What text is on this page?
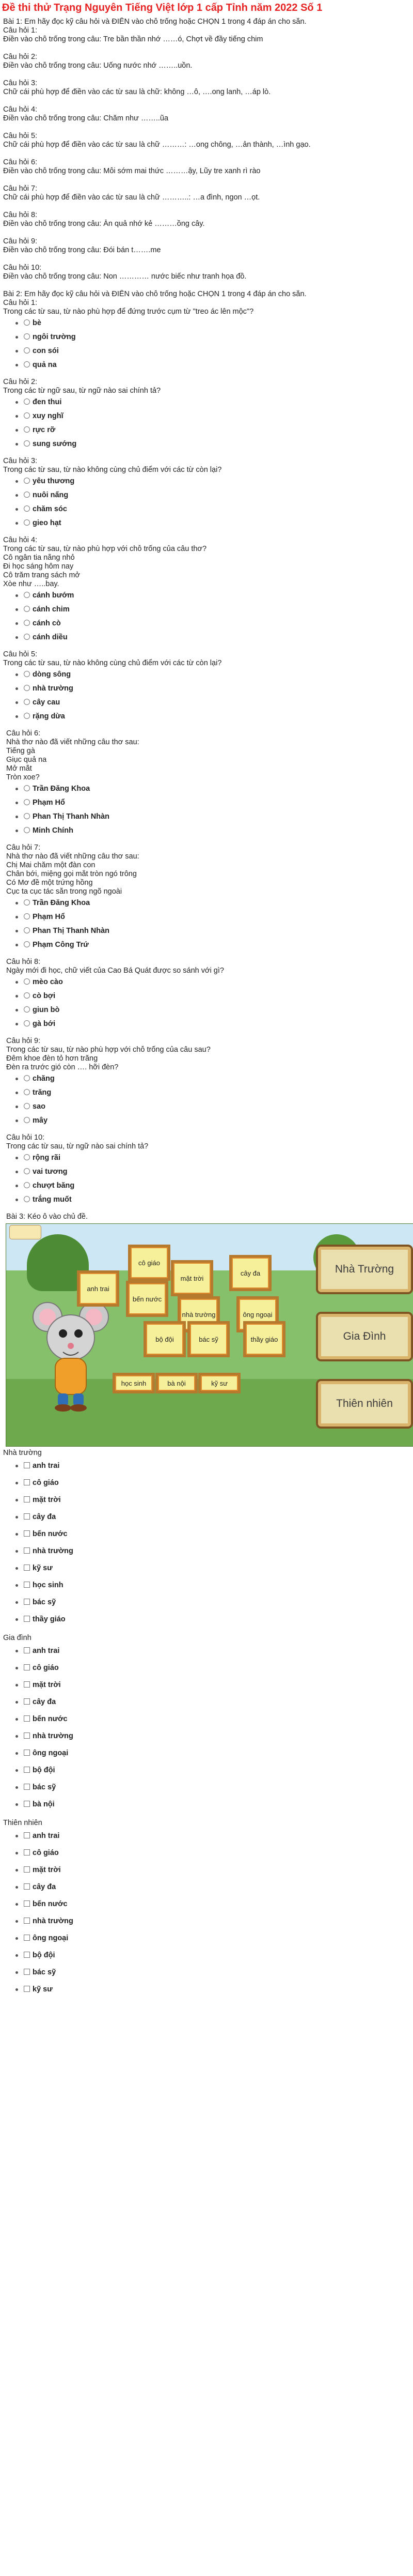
Đề thi thử Trạng Nguyên Tiếng Việt lớp 1 cấp Tỉnh năm 2022 Số 1
Bài 1: Em hãy đọc kỹ câu hỏi và ĐIỀN vào chỗ trống hoặc CHỌN 1 trong 4 đáp án cho sẵn.
Câu hỏi 1:
Điền vào chỗ trống trong câu: Tre bần thần nhớ ……ó, Chợt về đầy tiếng chim
Câu hỏi 2:
Điền vào chỗ trống trong câu: Uống nước nhớ ……..uồn.
Câu hỏi 3:
Chữ cái phù hợp để điền vào các từ sau là chữ: không …ô, ….ong lanh, …áp lò.
Câu hỏi 4:
Điền vào chỗ trống trong câu: Chăm như ……..ũa
Câu hỏi 5:
Chữ cái phù hợp để điền vào các từ sau là chữ ………: …ong chông, …ản thành, …ình gạo.
Câu hỏi 6:
Điền vào chỗ trống trong câu: Mỗi sớm mai thức ………ậy, Lũy tre xanh rì rào
Câu hỏi 7:
Chữ cái phù hợp để điền vào các từ sau là chữ ………..: …a đình, ngon …ọt.
Câu hỏi 8:
Điền vào chỗ trống trong câu: Ăn quả nhớ kẻ ………ồng cây.
Câu hỏi 9:
Điền vào chỗ trống trong câu: Đói bán t…….me
Câu hỏi 10:
Điền vào chỗ trống trong câu: Non ………… nước biếc như tranh họa đồ.
Bài 2: Em hãy đọc kỹ câu hỏi và ĐIỀN vào chỗ trống hoặc CHỌN 1 trong 4 đáp án cho sẵn.
Câu hỏi 1:
Trong các từ sau, từ nào phù hợp để đứng trước cụm từ "treo ác lên mộc"?
bè
ngôi trường
con sói
quả na
Câu hỏi 2:
Trong các từ ngữ sau, từ ngữ nào sai chính tả?
đen thui
xuy nghĩ
rực rỡ
sung sướng
Câu hỏi 3:
Trong các từ sau, từ nào không cùng chủ điểm với các từ còn lại?
yêu thương
nuôi nấng
chăm sóc
gieo hạt
Câu hỏi 4:
Trong các từ sau, từ nào phù hợp với chỗ trống của câu thơ?
Cô ngân tia nắng nhỏ
Đi học sáng hôm nay
Cô trăm trang sách mở
Xòe như …..bay.
cánh bướm
cánh chim
cánh cò
cánh diều
Câu hỏi 5:
Trong các từ sau, từ nào không cùng chủ điểm với các từ còn lại?
dòng sông
nhà trường
cây cau
rặng dừa
Câu hỏi 6:
Nhà thơ nào đã viết những câu thơ sau:
Tiếng gà
Giục quả na
Mở mắt
Tròn xoe?
Trần Đăng Khoa
Phạm Hổ
Phan Thị Thanh Nhàn
Minh Chính
Câu hỏi 7:
Nhà thơ nào đã viết những câu thơ sau:
Chị Mai chăm một đàn con
Chân bới, miệng gọi mắt tròn ngó trông
Có Mơ đề một trứng hồng
Cục ta cục tác sẵn trong ngõ ngoài
Trần Đăng Khoa
Phạm Hổ
Phan Thị Thanh Nhàn
Phạm Công Trứ
Câu hỏi 8:
Ngày mới đi học, chữ viết của Cao Bá Quát được so sánh với gì?
mèo cào
cò bợi
giun bò
gà bới
Câu hỏi 9:
Trong các từ sau, từ nào phù hợp với chỗ trống của câu sau?
Đêm khoe đèn tỏ hơn trăng
Đèn ra trước gió còn …. hỡi đèn?
chăng
trăng
sao
mây
Câu hỏi 10:
Trong các từ sau, từ ngữ nào sai chính tả?
rộng rãi
vai tương
chượt băng
trắng muốt
Bài 3: Kéo ô vào chủ đề.
cô giáo
mặt trời
cây đa
anh trai
bến nước
nhà trường	ông ngoại
bộ đội	bác sỹ	thầy giáo
học sinh	bà nội	kỹ sư
Nhà Trường
Gia Đình
Thiên nhiên
Nhà trường
anh trai
cô giáo
mặt trời
cây đa
bến nước
nhà trường
kỹ sư
học sinh
bác sỹ
thầy giáo
Gia đình
anh trai
cô giáo
mặt trời
cây đa
bến nước
nhà trường
ông ngoại
bộ đội
bác sỹ
bà nội
Thiên nhiên
anh trai
cô giáo
mặt trời
cây đa
bến nước
nhà trường
ông ngoại
bộ đội
bác sỹ
kỹ sư
